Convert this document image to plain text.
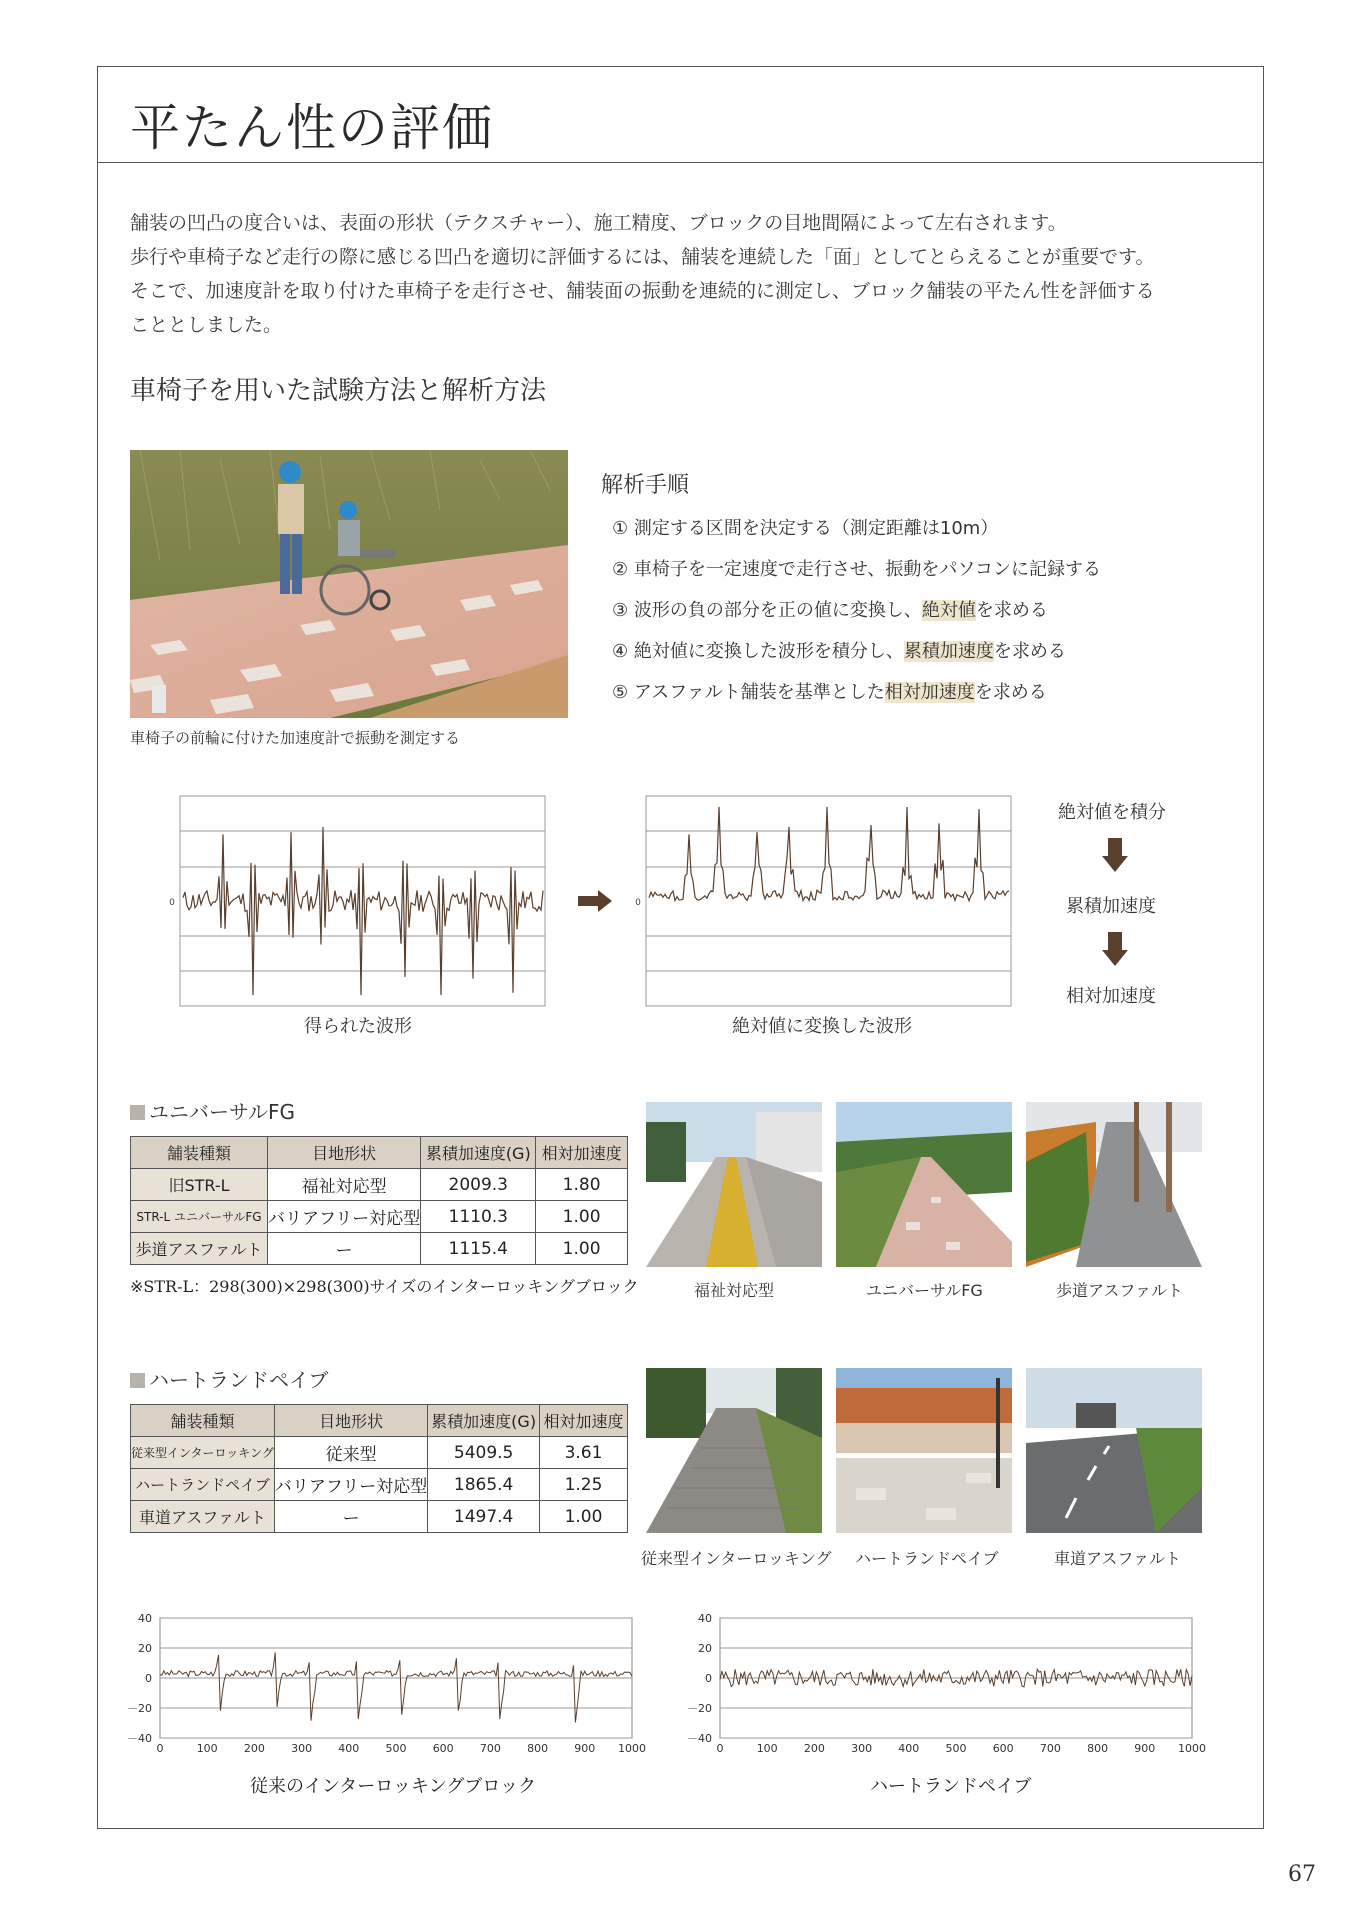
平たん性の評価
舗装の凹凸の度合いは、表面の形状（テクスチャー）、施工精度、ブロックの目地間隔によって左右されます。
歩行や車椅子など走行の際に感じる凹凸を適切に評価するには、舗装を連続した「面」としてとらえることが重要です。
そこで、加速度計を取り付けた車椅子を走行させ、舗装面の振動を連続的に測定し、ブロック舗装の平たん性を評価する
こととしました。
車椅子を用いた試験方法と解析方法
車椅子の前輪に付けた加速度計で振動を測定する
解析手順
① 測定する区間を決定する（測定距離は10m）
② 車椅子を一定速度で走行させ、振動をパソコンに記録する
③ 波形の負の部分を正の値に変換し、絶対値を求める
④ 絶対値に変換した波形を積分し、累積加速度を求める
⑤ アスファルト舗装を基準とした相対加速度を求める
0
得られた波形
0
絶対値に変換した波形
絶対値を積分
累積加速度
相対加速度
ユニバーサルFG
舗装種類	目地形状	累積加速度(G)	相対加速度
旧STR-L	福祉対応型	2009.3	1.80
STR-L ユニバーサルFG	バリアフリー対応型	1110.3	1.00
歩道アスファルト	ー	1115.4	1.00
※STR-L：298(300)×298(300)サイズのインターロッキングブロック	福祉対応型	ユニバーサルFG	歩道アスファルト
ハートランドペイブ
舗装種類	目地形状	累積加速度(G)	相対加速度
従来型インターロッキング	従来型	5409.5	3.61
ハートランドペイブ	バリアフリー対応型	1865.4	1.25
車道アスファルト	ー	1497.4	1.00
従来型インターロッキング ハートランドペイブ	車道アスファルト
40
20
0
－20
－40
0	100 200 300 400 500 600 700 800 900 1000
従来のインターロッキングブロック
40
20
0
－20
－40
0	100 200 300 400 500 600 700 800 900 1000
ハートランドペイブ
67
